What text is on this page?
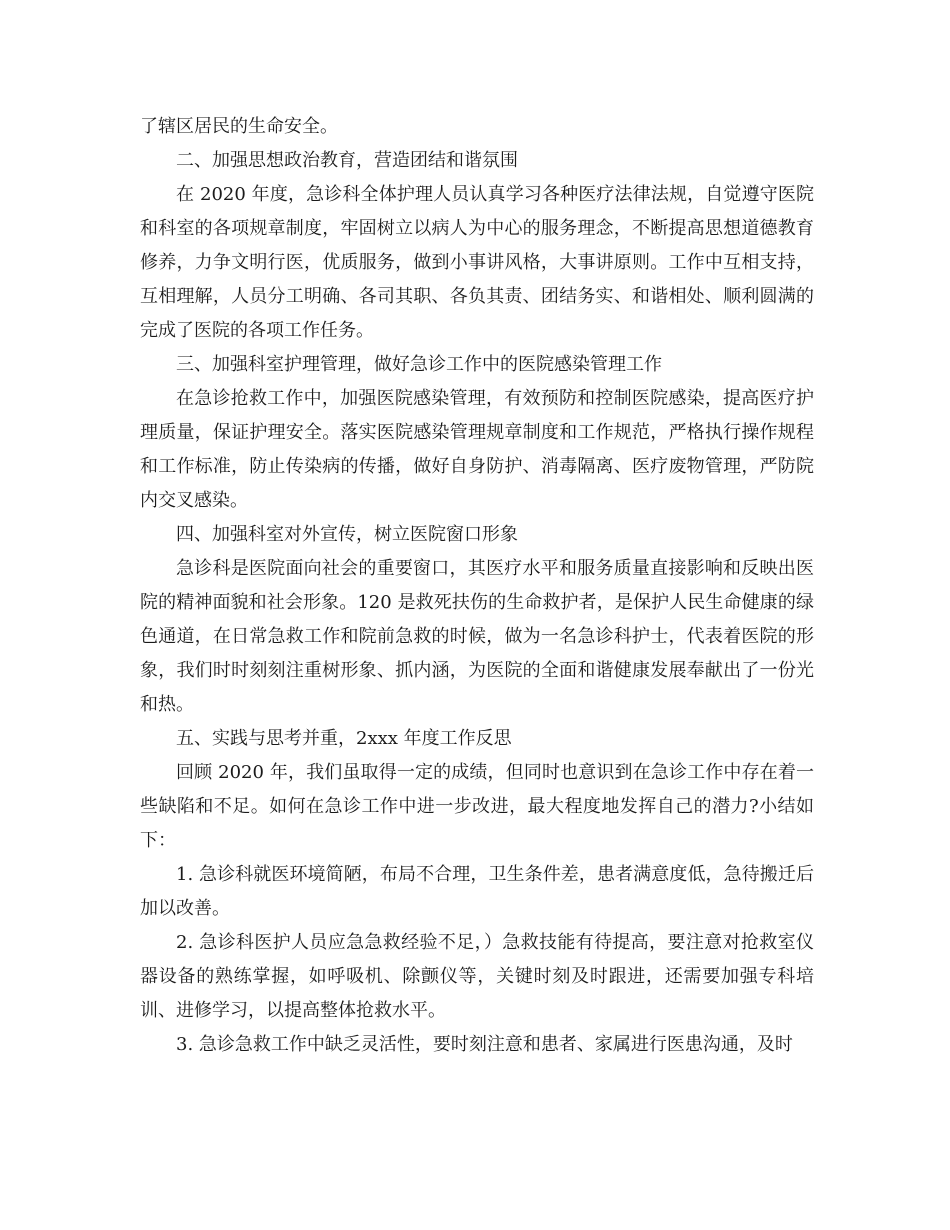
了辖区居民的生命安全。

二、加强思想政治教育，营造团结和谐氛围

在 2020 年度，急诊科全体护理人员认真学习各种医疗法律法规，自觉遵守医院和科室的各项规章制度，牢固树立以病人为中心的服务理念，不断提高思想道德教育修养，力争文明行医，优质服务，做到小事讲风格，大事讲原则。工作中互相支持，互相理解，人员分工明确、各司其职、各负其责、团结务实、和谐相处、顺利圆满的完成了医院的各项工作任务。

三、加强科室护理管理，做好急诊工作中的医院感染管理工作

在急诊抢救工作中，加强医院感染管理，有效预防和控制医院感染，提高医疗护理质量，保证护理安全。落实医院感染管理规章制度和工作规范，严格执行操作规程和工作标准，防止传染病的传播，做好自身防护、消毒隔离、医疗废物管理，严防院内交叉感染。

四、加强科室对外宣传，树立医院窗口形象

急诊科是医院面向社会的重要窗口，其医疗水平和服务质量直接影响和反映出医院的精神面貌和社会形象。120 是救死扶伤的生命救护者，是保护人民生命健康的绿色通道，在日常急救工作和院前急救的时候，做为一名急诊科护士，代表着医院的形象，我们时时刻刻注重树形象、抓内涵，为医院的全面和谐健康发展奉献出了一份光和热。

五、实践与思考并重，2xxx 年度工作反思

回顾 2020 年，我们虽取得一定的成绩，但同时也意识到在急诊工作中存在着一些缺陷和不足。如何在急诊工作中进一步改进，最大程度地发挥自己的潜力?小结如下：

1. 急诊科就医环境简陋，布局不合理，卫生条件差，患者满意度低，急待搬迁后加以改善。

2. 急诊科医护人员应急急救经验不足，）急救技能有待提高，要注意对抢救室仪器设备的熟练掌握，如呼吸机、除颤仪等，关键时刻及时跟进，还需要加强专科培训、进修学习，以提高整体抢救水平。

3. 急诊急救工作中缺乏灵活性，要时刻注意和患者、家属进行医患沟通，及时
